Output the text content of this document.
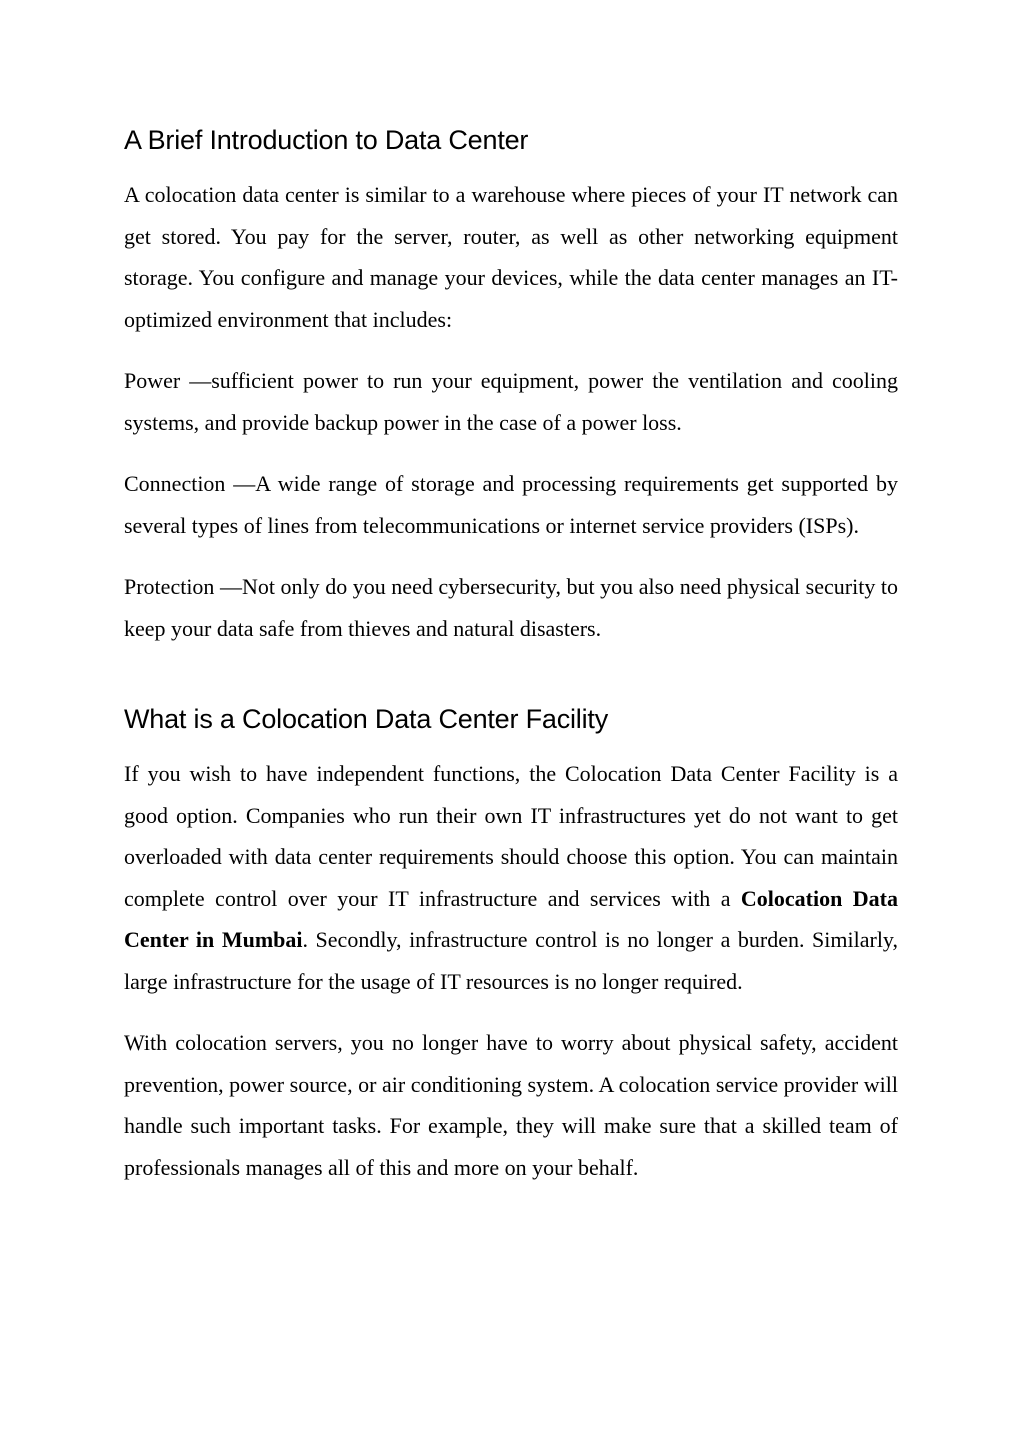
A Brief Introduction to Data Center

A colocation data center is similar to a warehouse where pieces of your IT network can get stored. You pay for the server, router, as well as other networking equipment storage. You configure and manage your devices, while the data center manages an IT-optimized environment that includes:

Power —sufficient power to run your equipment, power the ventilation and cooling systems, and provide backup power in the case of a power loss.

Connection —A wide range of storage and processing requirements get supported by several types of lines from telecommunications or internet service providers (ISPs).

Protection —Not only do you need cybersecurity, but you also need physical security to keep your data safe from thieves and natural disasters.

What is a Colocation Data Center Facility

If you wish to have independent functions, the Colocation Data Center Facility is a good option. Companies who run their own IT infrastructures yet do not want to get overloaded with data center requirements should choose this option. You can maintain complete control over your IT infrastructure and services with a Colocation Data Center in Mumbai. Secondly, infrastructure control is no longer a burden. Similarly, large infrastructure for the usage of IT resources is no longer required.

With colocation servers, you no longer have to worry about physical safety, accident prevention, power source, or air conditioning system. A colocation service provider will handle such important tasks. For example, they will make sure that a skilled team of professionals manages all of this and more on your behalf.
